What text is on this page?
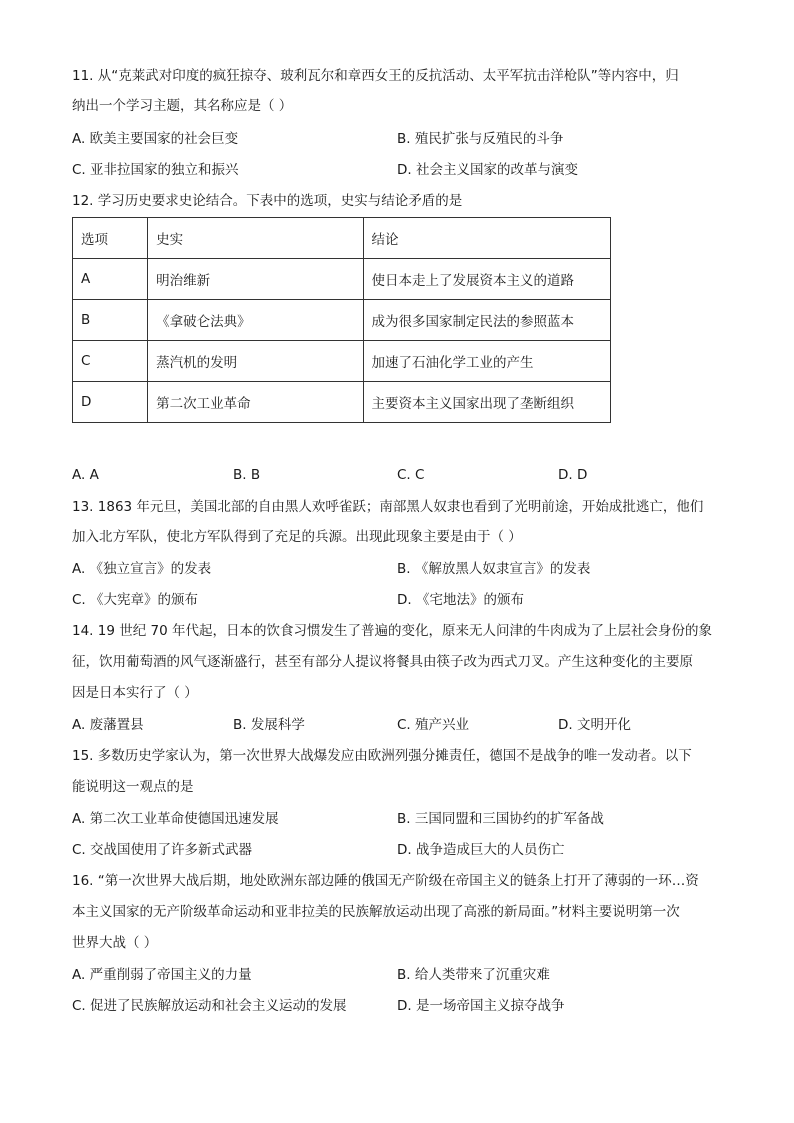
11. 从“克莱武对印度的疯狂掠夺、玻利瓦尔和章西女王的反抗活动、太平军抗击洋枪队”等内容中，归
纳出一个学习主题，其名称应是（ ）
A. 欧美主要国家的社会巨变	B. 殖民扩张与反殖民的斗争
C. 亚非拉国家的独立和振兴	D. 社会主义国家的改革与演变
12. 学习历史要求史论结合。下表中的选项，史实与结论矛盾的是
选项	史实	结论
A	明治维新	使日本走上了发展资本主义的道路
B	《拿破仑法典》	成为很多国家制定民法的参照蓝本
C	蒸汽机的发明	加速了石油化学工业的产生
D	第二次工业革命	主要资本主义国家出现了垄断组织
A. A	B. B	C. C	D. D
13. 1863 年元旦，美国北部的自由黑人欢呼雀跃；南部黑人奴隶也看到了光明前途，开始成批逃亡，他们
加入北方军队，使北方军队得到了充足的兵源。出现此现象主要是由于（ ）
A. 《独立宣言》的发表	B. 《解放黑人奴隶宣言》的发表
C. 《大宪章》的颁布	D. 《宅地法》的颁布
14. 19 世纪 70 年代起，日本的饮食习惯发生了普遍的变化，原来无人问津的牛肉成为了上层社会身份的象
征，饮用葡萄酒的风气逐渐盛行，甚至有部分人提议将餐具由筷子改为西式刀叉。产生这种变化的主要原
因是日本实行了（ ）
A. 废藩置县	B. 发展科学	C. 殖产兴业	D. 文明开化
15. 多数历史学家认为，第一次世界大战爆发应由欧洲列强分摊责任，德国不是战争的唯一发动者。以下
能说明这一观点的是
A. 第二次工业革命使德国迅速发展	B. 三国同盟和三国协约的扩军备战
C. 交战国使用了许多新式武器	D. 战争造成巨大的人员伤亡
16. “第一次世界大战后期，地处欧洲东部边陲的俄国无产阶级在帝国主义的链条上打开了薄弱的一环…资
本主义国家的无产阶级革命运动和亚非拉美的民族解放运动出现了高涨的新局面。”材料主要说明第一次
世界大战（ ）
A. 严重削弱了帝国主义的力量	B. 给人类带来了沉重灾难
C. 促进了民族解放运动和社会主义运动的发展	D. 是一场帝国主义掠夺战争
